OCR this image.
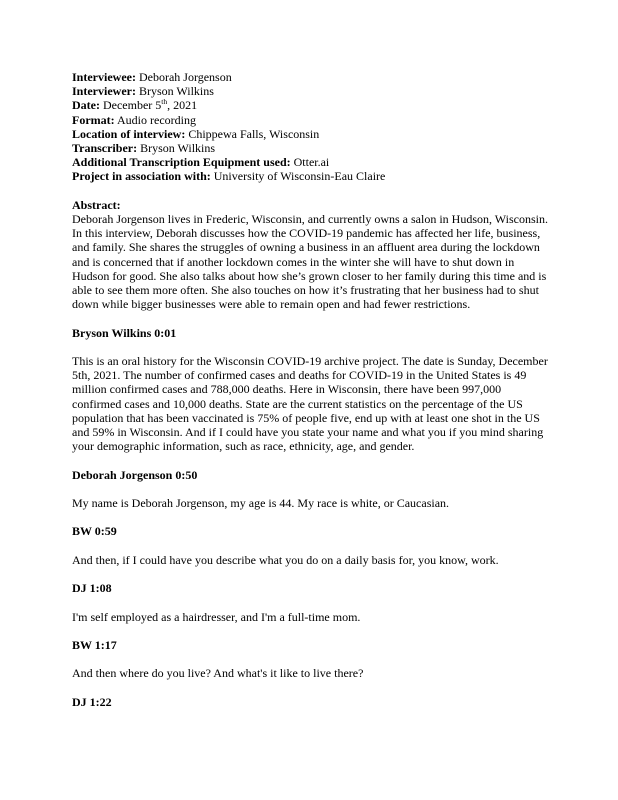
Interviewee: Deborah Jorgenson
Interviewer: Bryson Wilkins
Date: December 5th, 2021
Format: Audio recording
Location of interview: Chippewa Falls, Wisconsin
Transcriber: Bryson Wilkins
Additional Transcription Equipment used: Otter.ai
Project in association with: University of Wisconsin-Eau Claire

Abstract:

Deborah Jorgenson lives in Frederic, Wisconsin, and currently owns a salon in Hudson, Wisconsin. In this interview, Deborah discusses how the COVID-19 pandemic has affected her life, business, and family. She shares the struggles of owning a business in an affluent area during the lockdown and is concerned that if another lockdown comes in the winter she will have to shut down in Hudson for good. She also talks about how she’s grown closer to her family during this time and is able to see them more often. She also touches on how it’s frustrating that her business had to shut down while bigger businesses were able to remain open and had fewer restrictions.

Bryson Wilkins 0:01

This is an oral history for the Wisconsin COVID-19 archive project. The date is Sunday, December 5th, 2021. The number of confirmed cases and deaths for COVID-19 in the United States is 49 million confirmed cases and 788,000 deaths. Here in Wisconsin, there have been 997,000 confirmed cases and 10,000 deaths. State are the current statistics on the percentage of the US population that has been vaccinated is 75% of people five, end up with at least one shot in the US and 59% in Wisconsin. And if I could have you state your name and what you if you mind sharing your demographic information, such as race, ethnicity, age, and gender.

Deborah Jorgenson 0:50

My name is Deborah Jorgenson, my age is 44. My race is white, or Caucasian.

BW 0:59

And then, if I could have you describe what you do on a daily basis for, you know, work.

DJ 1:08

I'm self employed as a hairdresser, and I'm a full-time mom.

BW 1:17

And then where do you live? And what's it like to live there?

DJ 1:22
